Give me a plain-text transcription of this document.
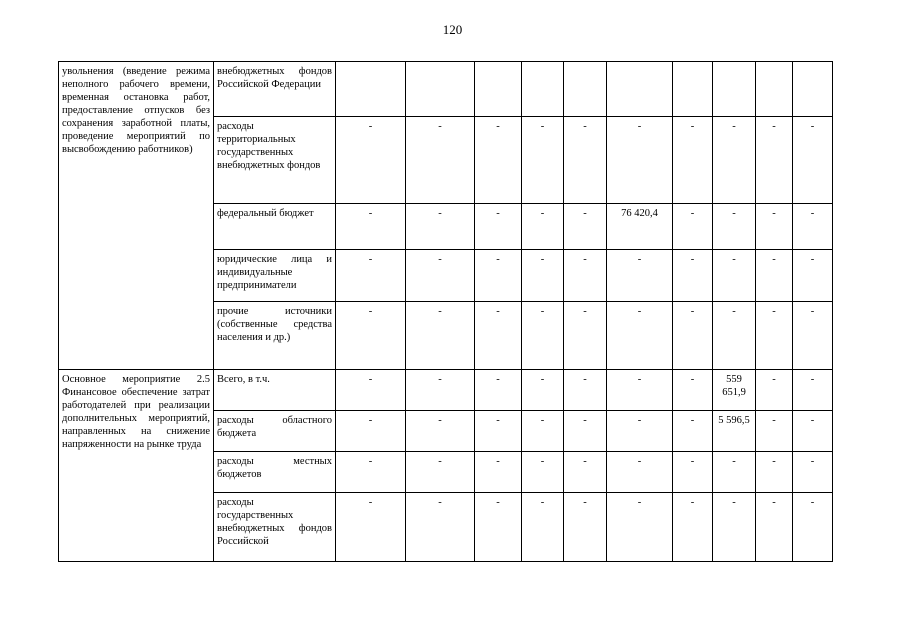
120
увольнения (введение режима неполного рабочего времени, временная остановка работ, предоставление отпусков без сохранения заработной платы, проведение мероприятий по высвобождению работников)	внебюджетных фондов Российской Федерации										
	расходы территориальных государственных внебюджетных фондов	-	-	-	-	-	-	-	-	-	-
	федеральный бюджет	-	-	-	-	-	76 420,4	-	-	-	-
	юридические лица и индивидуальные предприниматели	-	-	-	-	-	-	-	-	-	-
	прочие источники (собственные средства населения и др.)	-	-	-	-	-	-	-	-	-	-
Основное мероприятие 2.5 Финансовое обеспечение затрат работодателей при реализации дополнительных мероприятий, направленных на снижение напряженности на рынке труда	Всего, в т.ч.	-	-	-	-	-	-	-	559 651,9	-	-
	расходы областного бюджета	-	-	-	-	-	-	-	5 596,5	-	-
	расходы местных бюджетов	-	-	-	-	-	-	-	-	-	-
	расходы государственных внебюджетных фондов Российской	-	-	-	-	-	-	-	-	-	-
